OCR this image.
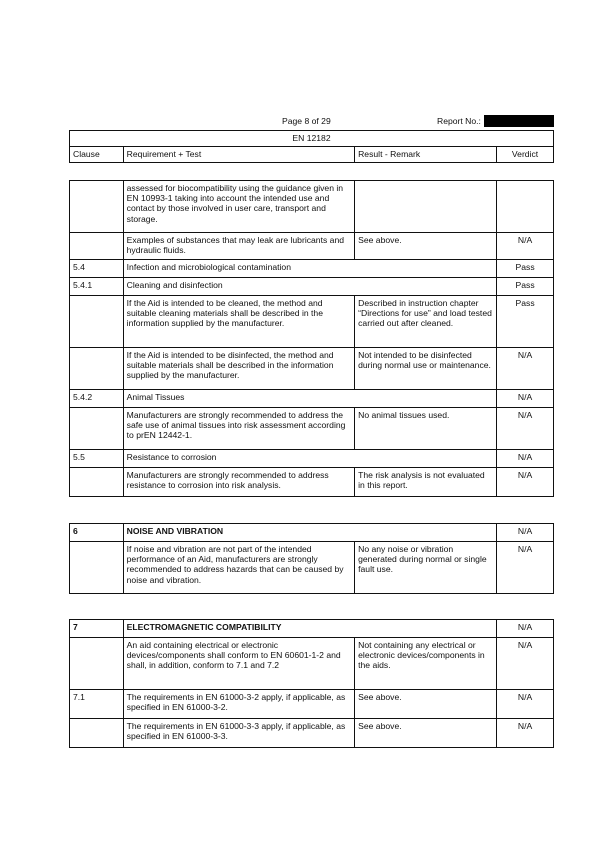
Page 8 of 29	Report No.:
EN 12182
Clause	Requirement + Test	Result - Remark	Verdict
	assessed for biocompatibility using the guidance given in EN 10993-1 taking into account the intended use and contact by those involved in user care, transport and storage.		
	Examples of substances that may leak are lubricants and hydraulic fluids.	See above.	N/A
5.4	Infection and microbiological contamination		Pass
5.4.1	Cleaning and disinfection		Pass
	If the Aid is intended to be cleaned, the method and suitable cleaning materials shall be described in the information supplied by the manufacturer.	Described in instruction chapter “Directions for use” and load tested carried out after cleaned.	Pass
	If the Aid is intended to be disinfected, the method and suitable materials shall be described in the information supplied by the manufacturer.	Not intended to be disinfected during normal use or maintenance.	N/A
5.4.2	Animal Tissues		N/A
	Manufacturers are strongly recommended to address the safe use of animal tissues into risk assessment according to prEN 12442-1.	No animal tissues used.	N/A
5.5	Resistance to corrosion		N/A
	Manufacturers are strongly recommended to address resistance to corrosion into risk analysis.	The risk analysis is not evaluated in this report.	N/A
6	NOISE AND VIBRATION		N/A
	If noise and vibration are not part of the intended performance of an Aid, manufacturers are strongly recommended to address hazards that can be caused by noise and vibration.	No any noise or vibration generated during normal or single fault use.	N/A
7	ELECTROMAGNETIC COMPATIBILITY		N/A
	An aid containing electrical or electronic devices/components shall conform to EN 60601-1-2 and shall, in addition, conform to 7.1 and 7.2	Not containing any electrical or electronic devices/components in the aids.	N/A
7.1	The requirements in EN 61000-3-2 apply, if applicable, as specified in EN 61000-3-2.	See above.	N/A
	The requirements in EN 61000-3-3 apply, if applicable, as specified in EN 61000-3-3.	See above.	N/A
